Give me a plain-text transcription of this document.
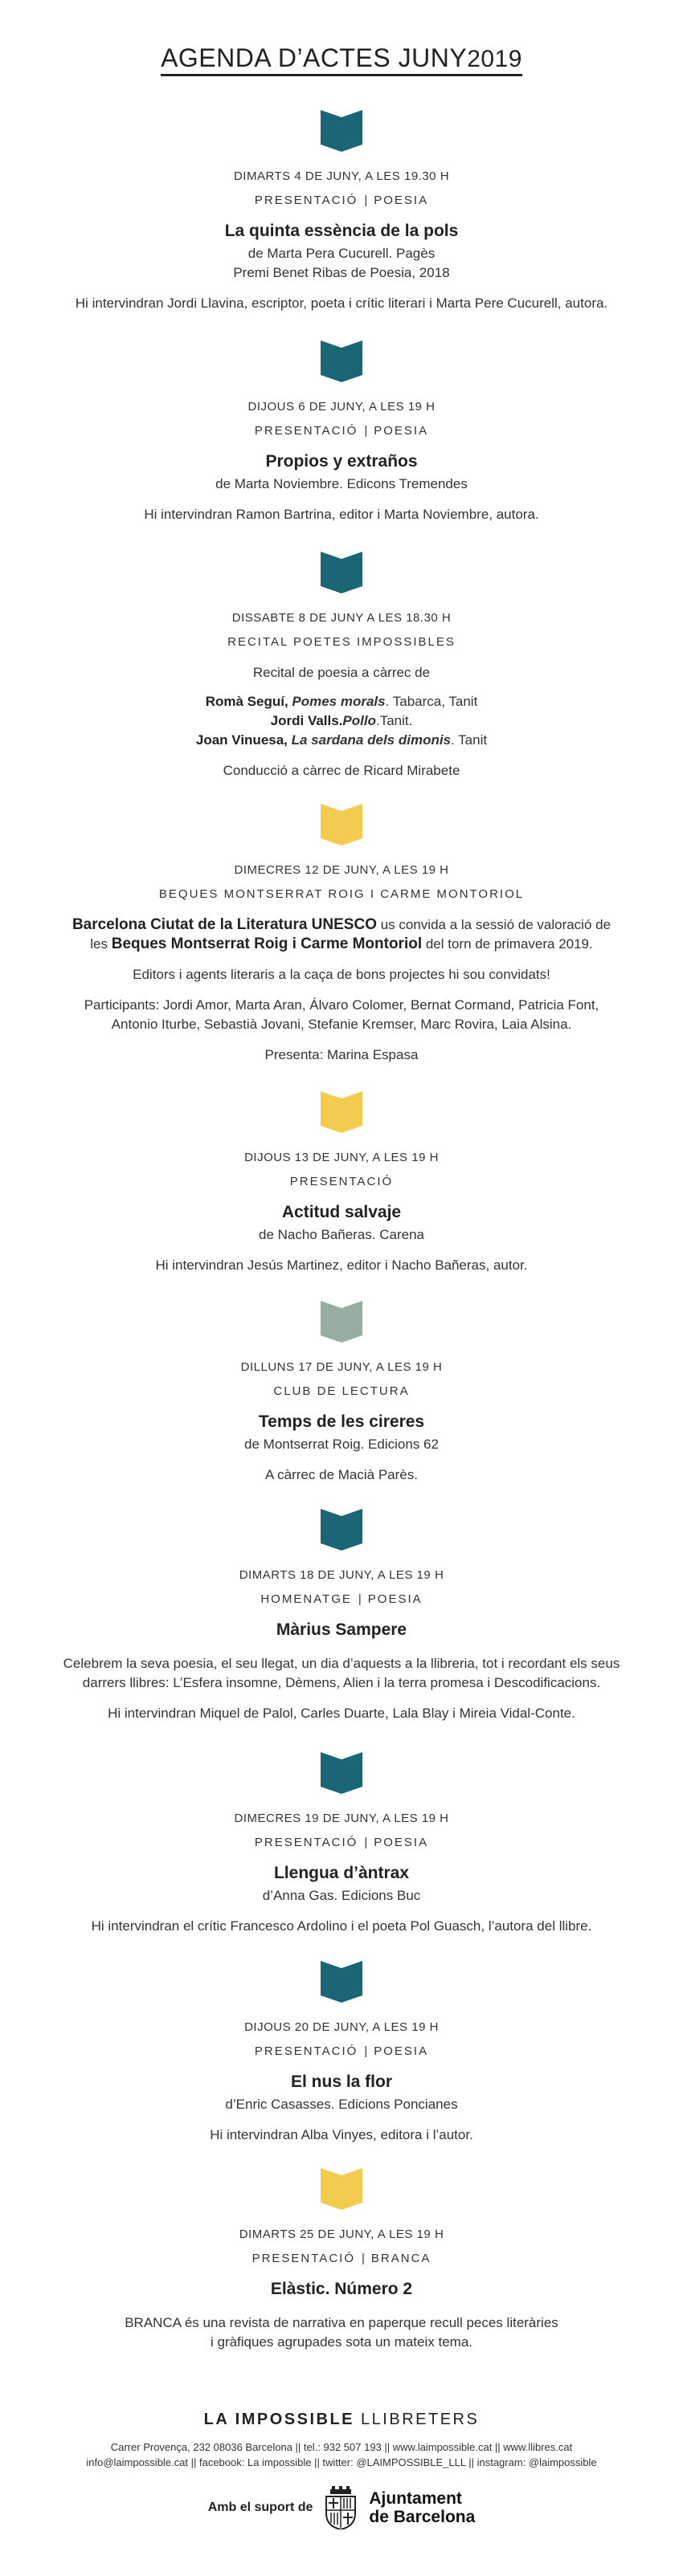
AGENDA D’ACTES JUNY2019
DIMARTS 4 DE JUNY, A LES 19.30 H
PRESENTACIÓ | POESIA
La quinta essència de la pols
de Marta Pera Cucurell. Pagès
Premi Benet Ribas de Poesia, 2018
Hi intervindran Jordi Llavina, escriptor, poeta i crític literari i Marta Pere Cucurell, autora.
DIJOUS 6 DE JUNY, A LES 19 H
PRESENTACIÓ | POESIA
Propios y extraños
de Marta Noviembre. Edicons Tremendes
Hi intervindran Ramon Bartrina, editor i Marta Noviembre, autora.
DISSABTE 8 DE JUNY A LES 18.30 H
RECITAL POETES IMPOSSIBLES
Recital de poesia a càrrec de
Romà Seguí, Pomes morals. Tabarca, Tanit
Jordi Valls.Pollo.Tanit.
Joan Vinuesa, La sardana dels dimonis. Tanit
Conducció a càrrec de Ricard Mirabete
DIMECRES 12 DE JUNY, A LES 19 H
BEQUES MONTSERRAT ROIG I CARME MONTORIOL
Barcelona Ciutat de la Literatura UNESCO us convida a la sessió de valoració de
les Beques Montserrat Roig i Carme Montoriol del torn de primavera 2019.
Editors i agents literaris a la caça de bons projectes hi sou convidats!
Participants: Jordi Amor, Marta Aran, Álvaro Colomer, Bernat Cormand, Patricia Font,
Antonio Iturbe, Sebastià Jovani, Stefanie Kremser, Marc Rovira, Laia Alsina.
Presenta: Marina Espasa
DIJOUS 13 DE JUNY, A LES 19 H
PRESENTACIÓ
Actitud salvaje
de Nacho Bañeras. Carena
Hi intervindran Jesús Martinez, editor i Nacho Bañeras, autor.
DILLUNS 17 DE JUNY, A LES 19 H
CLUB DE LECTURA
Temps de les cireres
de Montserrat Roig. Edicions 62
A càrrec de Macià Parès.
DIMARTS 18 DE JUNY, A LES 19 H
HOMENATGE | POESIA
Màrius Sampere
Celebrem la seva poesia, el seu llegat, un dia d’aquests a la llibreria, tot i recordant els seus
darrers llibres: L’Esfera insomne, Dèmens, Alien i la terra promesa i Descodificacions.
Hi intervindran Miquel de Palol, Carles Duarte, Lala Blay i Mireia Vidal-Conte.
DIMECRES 19 DE JUNY, A LES 19 H
PRESENTACIÓ | POESIA
Llengua d’àntrax
d’Anna Gas. Edicions Buc
Hi intervindran el crític Francesco Ardolino i el poeta Pol Guasch, l’autora del llibre.
DIJOUS 20 DE JUNY, A LES 19 H
PRESENTACIÓ | POESIA
El nus la flor
d’Enric Casasses. Edicions Poncianes
Hi intervindran Alba Vinyes, editora i l’autor.
DIMARTS 25 DE JUNY, A LES 19 H
PRESENTACIÓ | BRANCA
Elàstic. Número 2
BRANCA és una revista de narrativa en paperque recull peces literàries
i gràfiques agrupades sota un mateix tema.
LA IMPOSSIBLE LLIBRETERS
Carrer Provença, 232 08036 Barcelona || tel.: 932 507 193 || www.laimpossible.cat || www.llibres.cat
info@laimpossible.cat || facebook: La impossible || twitter: @LAIMPOSSIBLE_LLL || instagram: @laimpossible
Amb el suport de	Ajuntament
de Barcelona
